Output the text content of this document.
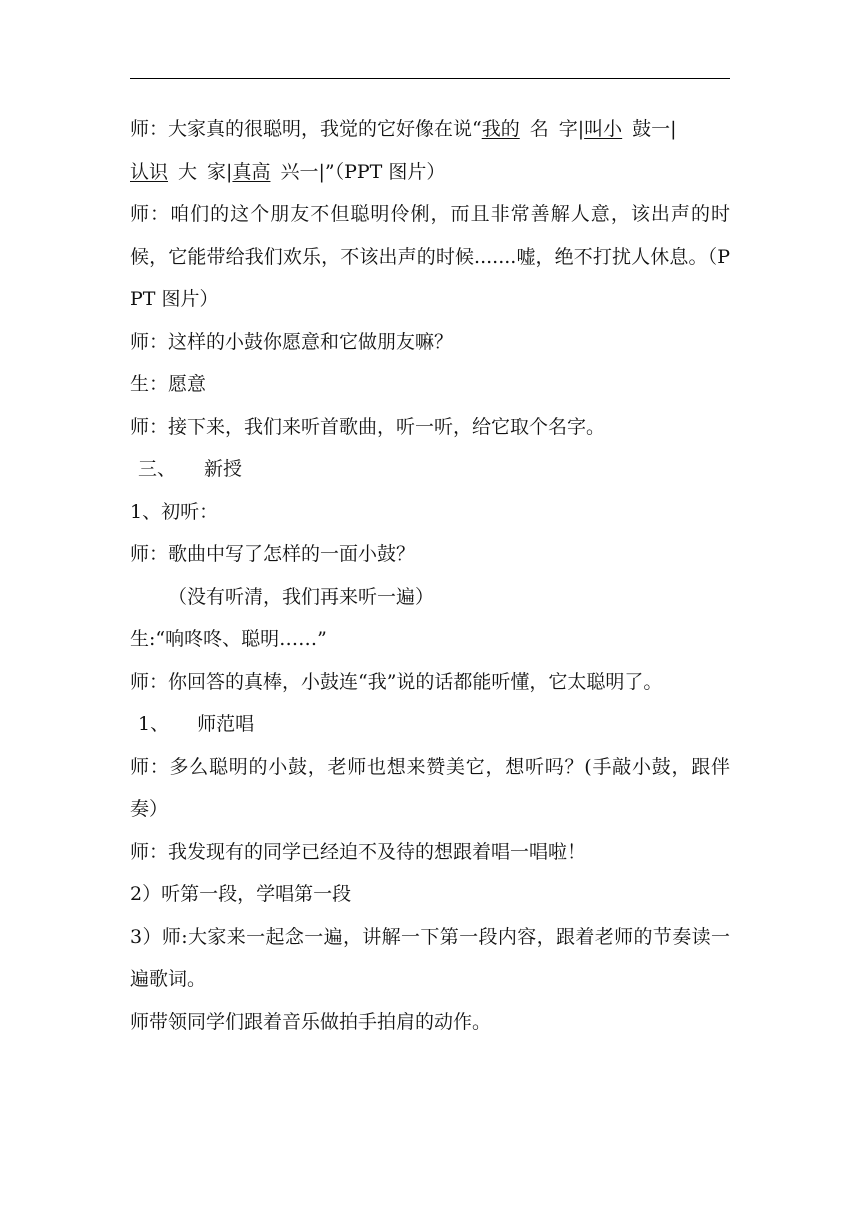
师：大家真的很聪明，我觉的它好像在说“我的 名 字|叫小 鼓一|

认识 大 家|真高 兴一|”（PPT 图片）

师：咱们的这个朋友不但聪明伶俐，而且非常善解人意，该出声的时候，它能带给我们欢乐，不该出声的时候.......嘘，绝不打扰人休息。（PPT 图片）

师：这样的小鼓你愿意和它做朋友嘛？

生：愿意

师：接下来，我们来听首歌曲，听一听，给它取个名字。

三、 新授

1、初听：

师：歌曲中写了怎样的一面小鼓？

（没有听清，我们再来听一遍）

生:“响咚咚、聪明……”

师：你回答的真棒，小鼓连“我”说的话都能听懂，它太聪明了。

1、 师范唱

师：多么聪明的小鼓，老师也想来赞美它，想听吗？(手敲小鼓，跟伴奏）

师：我发现有的同学已经迫不及待的想跟着唱一唱啦！

2）听第一段，学唱第一段

3）师:大家来一起念一遍，讲解一下第一段内容，跟着老师的节奏读一遍歌词。

师带领同学们跟着音乐做拍手拍肩的动作。
